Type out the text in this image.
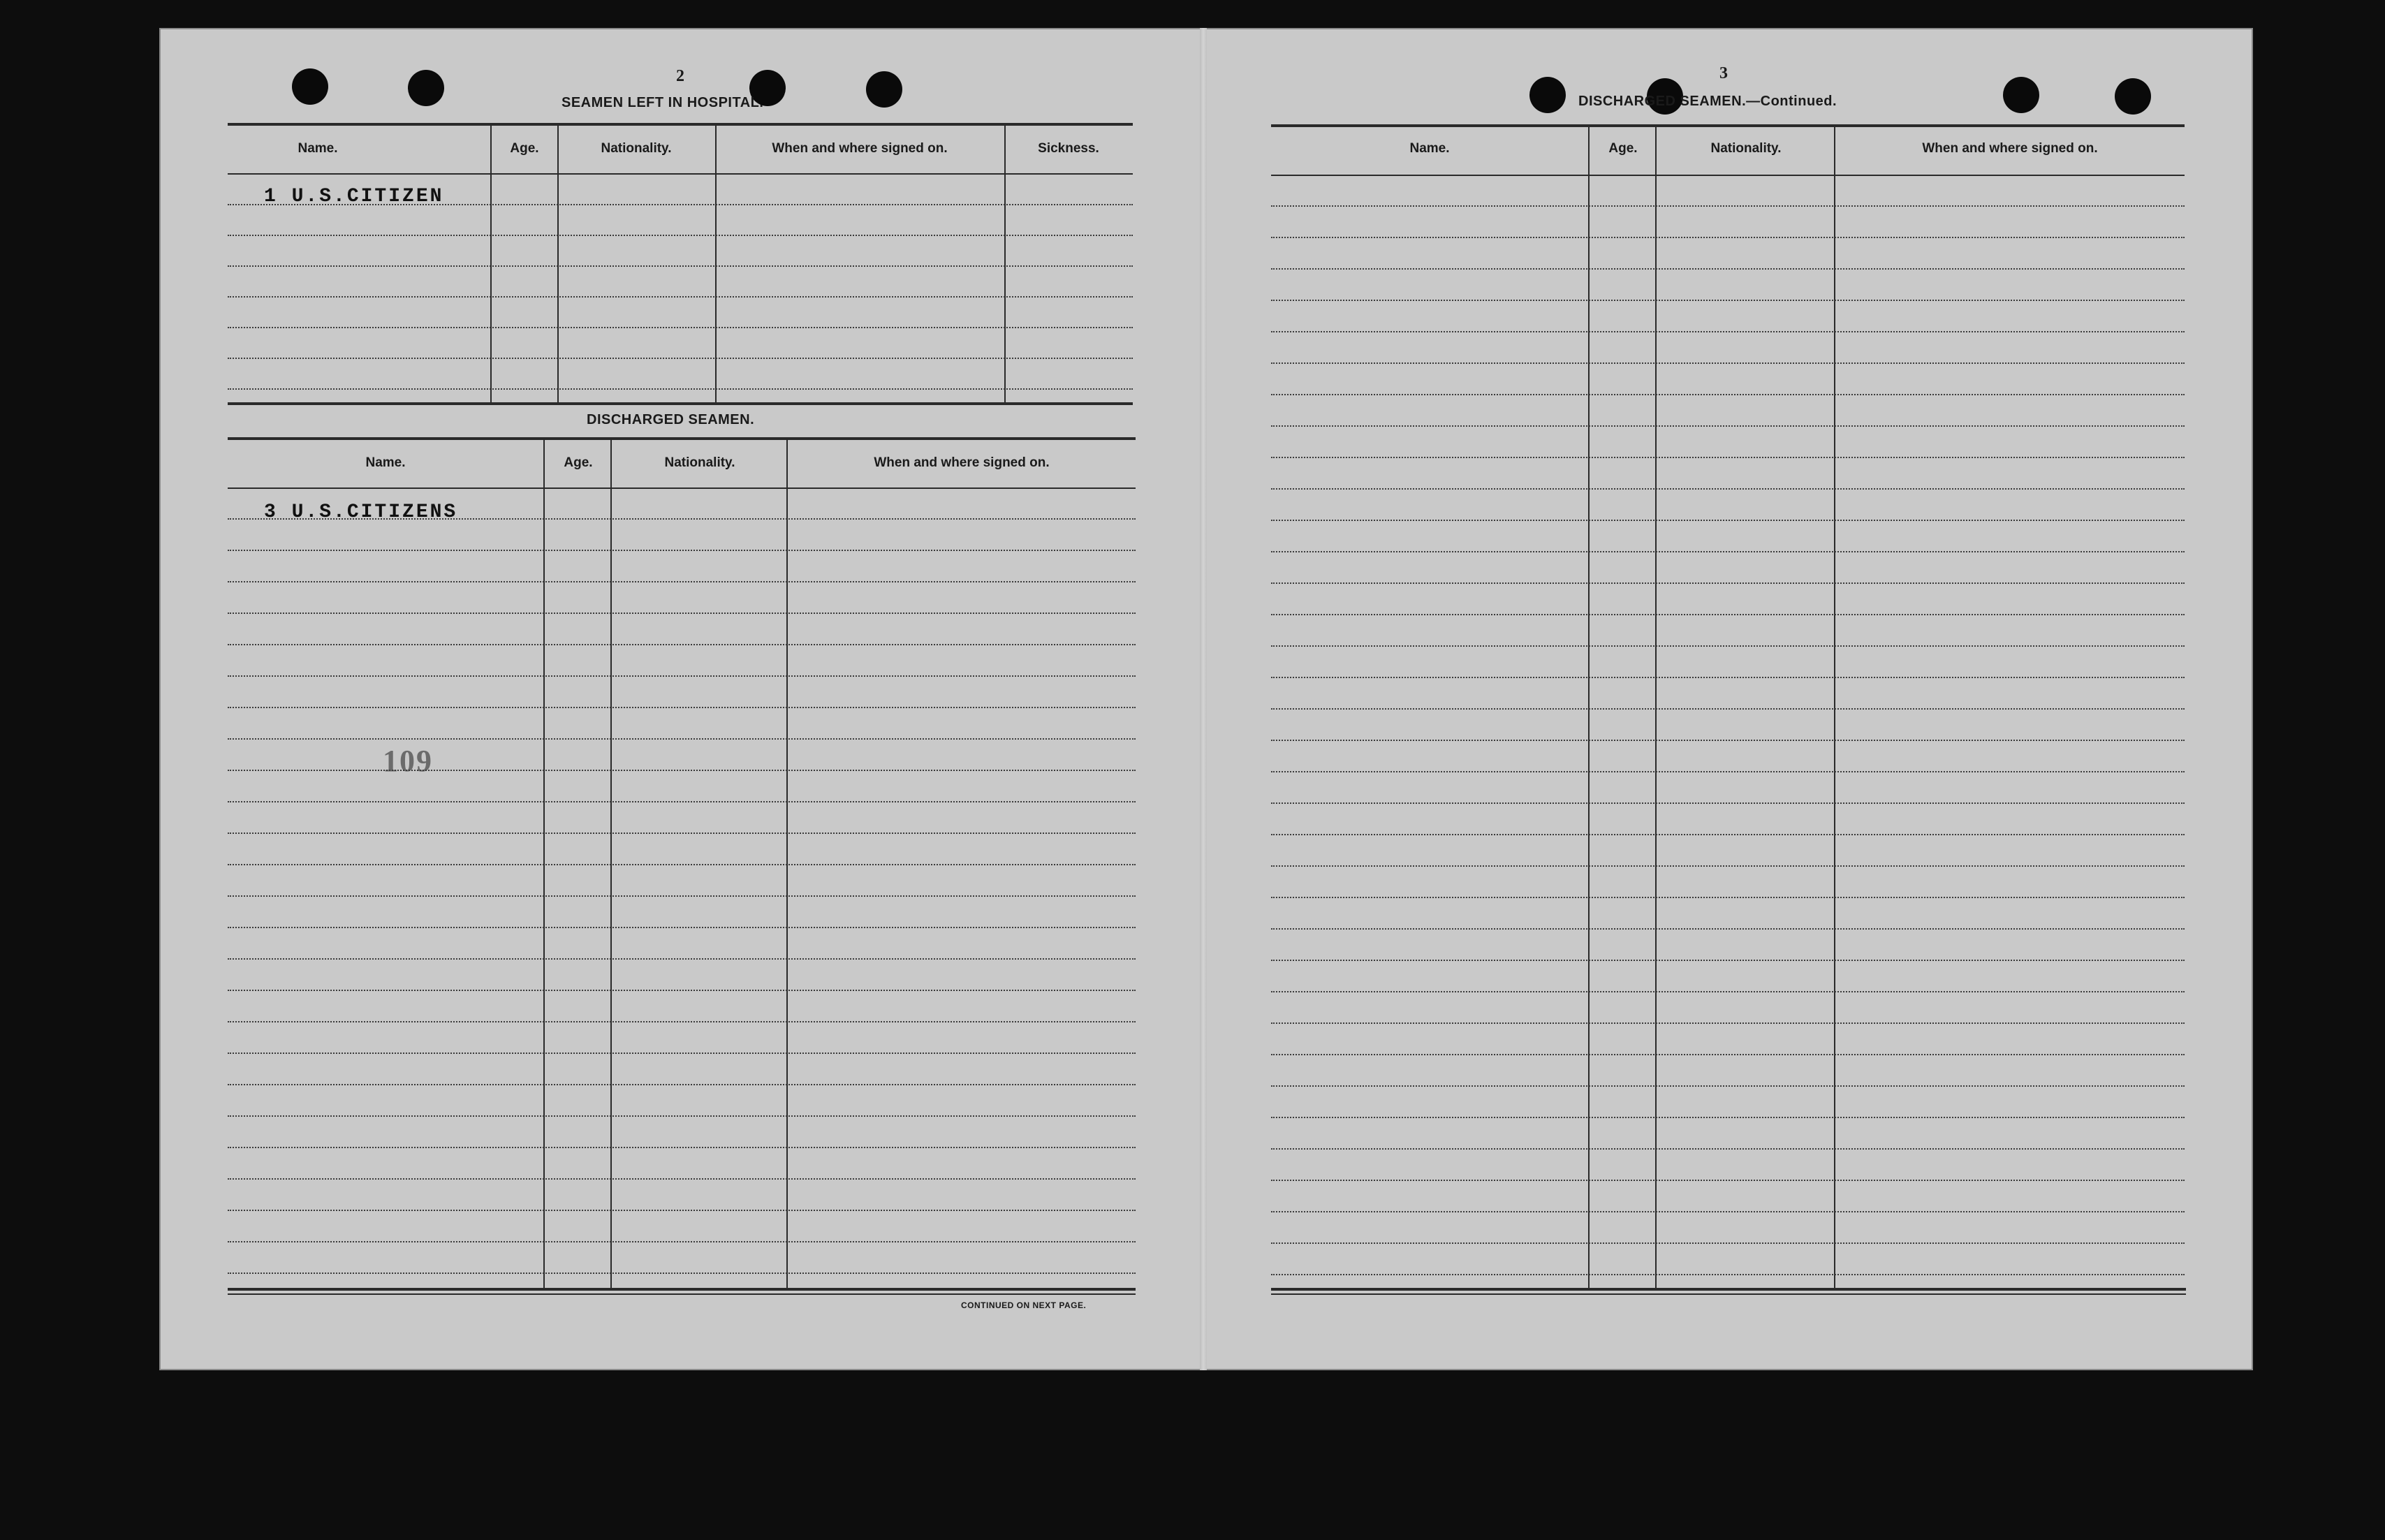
2
SEAMEN LEFT IN HOSPITAL.
Name.	Age.	Nationality.	When and where signed on.	Sickness.
1 U.S.CITIZEN
DISCHARGED SEAMEN.
Name.	Age.	Nationality.	When and where signed on.
3 U.S.CITIZENS
109
CONTINUED ON NEXT PAGE.
3
DISCHARGED SEAMEN.—Continued.
Name.	Age.	Nationality.	When and where signed on.
